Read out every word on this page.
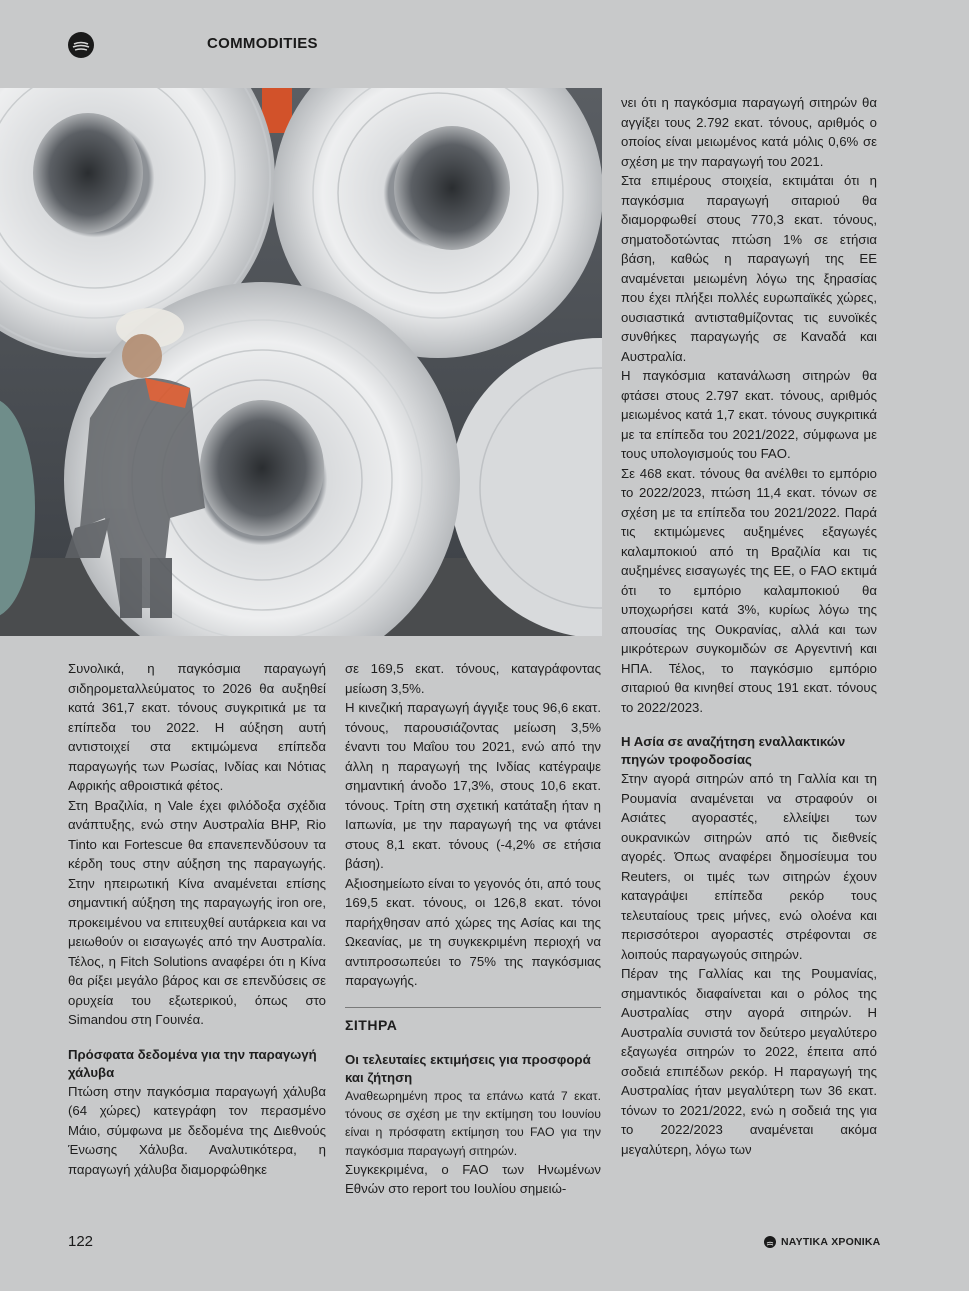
COMMODITIES

Συνολικά, η παγκόσμια παραγωγή σιδηρομεταλλεύματος το 2026 θα αυξηθεί κατά 361,7 εκατ. τόνους συγκριτικά με τα επίπεδα του 2022. Η αύξηση αυτή αντιστοιχεί στα εκτιμώμενα επίπεδα παραγωγής των Ρωσίας, Ινδίας και Νότιας Αφρικής αθροιστικά φέτος.

Στη Βραζιλία, η Vale έχει φιλόδοξα σχέδια ανάπτυξης, ενώ στην Αυστραλία BHP, Rio Tinto και Fortescue θα επανεπενδύσουν τα κέρδη τους στην αύξηση της παραγωγής. Στην ηπειρωτική Κίνα αναμένεται επίσης σημαντική αύξηση της παραγωγής iron ore, προκειμένου να επιτευχθεί αυτάρκεια και να μειωθούν οι εισαγωγές από την Αυστραλία. Τέλος, η Fitch Solutions αναφέρει ότι η Κίνα θα ρίξει μεγάλο βάρος και σε επενδύσεις σε ορυχεία του εξωτερικού, όπως στο Simandou στη Γουινέα.

Πρόσφατα δεδομένα για την παραγωγή χάλυβα

Πτώση στην παγκόσμια παραγωγή χάλυβα (64 χώρες) κατεγράφη τον περασμένο Μάιο, σύμφωνα με δεδομένα της Διεθνούς Ένωσης Χάλυβα. Αναλυτικότερα, η παραγωγή χάλυβα διαμορφώθηκε

σε 169,5 εκατ. τόνους, καταγράφοντας μείωση 3,5%.

Η κινεζική παραγωγή άγγιξε τους 96,6 εκατ. τόνους, παρουσιάζοντας μείωση 3,5% έναντι του Μαΐου του 2021, ενώ από την άλλη η παραγωγή της Ινδίας κατέγραψε σημαντική άνοδο 17,3%, στους 10,6 εκατ. τόνους. Τρίτη στη σχετική κατάταξη ήταν η Ιαπωνία, με την παραγωγή της να φτάνει στους 8,1 εκατ. τόνους (-4,2% σε ετήσια βάση).

Αξιοσημείωτο είναι το γεγονός ότι, από τους 169,5 εκατ. τόνους, οι 126,8 εκατ. τόνοι παρήχθησαν από χώρες της Ασίας και της Ωκεανίας, με τη συγκεκριμένη περιοχή να αντιπροσωπεύει το 75% της παγκόσμιας παραγωγής.

ΣΙΤΗΡΑ

Οι τελευταίες εκτιμήσεις για προσφορά και ζήτηση

Αναθεωρημένη προς τα επάνω κατά 7 εκατ. τόνους σε σχέση με την εκτίμηση του Ιουνίου είναι η πρόσφατη εκτίμηση του FAO για την παγκόσμια παραγωγή σιτηρών.

Συγκεκριμένα, ο FAO των Ηνωμένων Εθνών στο report του Ιουλίου σημειώ-

νει ότι η παγκόσμια παραγωγή σιτηρών θα αγγίξει τους 2.792 εκατ. τόνους, αριθμός ο οποίος είναι μειωμένος κατά μόλις 0,6% σε σχέση με την παραγωγή του 2021.

Στα επιμέρους στοιχεία, εκτιμάται ότι η παγκόσμια παραγωγή σιταριού θα διαμορφωθεί στους 770,3 εκατ. τόνους, σηματοδοτώντας πτώση 1% σε ετήσια βάση, καθώς η παραγωγή της ΕΕ αναμένεται μειωμένη λόγω της ξηρασίας που έχει πλήξει πολλές ευρωπαϊκές χώρες, ουσιαστικά αντισταθμίζοντας τις ευνοϊκές συνθήκες παραγωγής σε Καναδά και Αυστραλία.

Η παγκόσμια κατανάλωση σιτηρών θα φτάσει στους 2.797 εκατ. τόνους, αριθμός μειωμένος κατά 1,7 εκατ. τόνους συγκριτικά με τα επίπεδα του 2021/2022, σύμφωνα με τους υπολογισμούς του FAO.

Σε 468 εκατ. τόνους θα ανέλθει το εμπόριο το 2022/2023, πτώση 11,4 εκατ. τόνων σε σχέση με τα επίπεδα του 2021/2022. Παρά τις εκτιμώμενες αυξημένες εξαγωγές καλαμποκιού από τη Βραζιλία και τις αυξημένες εισαγωγές της ΕΕ, ο FAO εκτιμά ότι το εμπόριο καλαμποκιού θα υποχωρήσει κατά 3%, κυρίως λόγω της απουσίας της Ουκρανίας, αλλά και των μικρότερων συγκομιδών σε Αργεντινή και ΗΠΑ. Τέλος, το παγκόσμιο εμπόριο σιταριού θα κινηθεί στους 191 εκατ. τόνους το 2022/2023.

Η Ασία σε αναζήτηση εναλλακτικών πηγών τροφοδοσίας

Στην αγορά σιτηρών από τη Γαλλία και τη Ρουμανία αναμένεται να στραφούν οι Ασιάτες αγοραστές, ελλείψει των ουκρανικών σιτηρών από τις διεθνείς αγορές. Όπως αναφέρει δημοσίευμα του Reuters, οι τιμές των σιτηρών έχουν καταγράψει επίπεδα ρεκόρ τους τελευταίους τρεις μήνες, ενώ ολοένα και περισσότεροι αγοραστές στρέφονται σε λοιπούς παραγωγούς σιτηρών.

Πέραν της Γαλλίας και της Ρουμανίας, σημαντικός διαφαίνεται και ο ρόλος της Αυστραλίας στην αγορά σιτηρών. Η Αυστραλία συνιστά τον δεύτερο μεγαλύτερο εξαγωγέα σιτηρών το 2022, έπειτα από σοδειά επιπέδων ρεκόρ. Η παραγωγή της Αυστραλίας ήταν μεγαλύτερη των 36 εκατ. τόνων το 2021/2022, ενώ η σοδειά της για το 2022/2023 αναμένεται ακόμα μεγαλύτερη, λόγω των

122	ΝΑΥΤΙΚΑ ΧΡΟΝΙΚΑ
